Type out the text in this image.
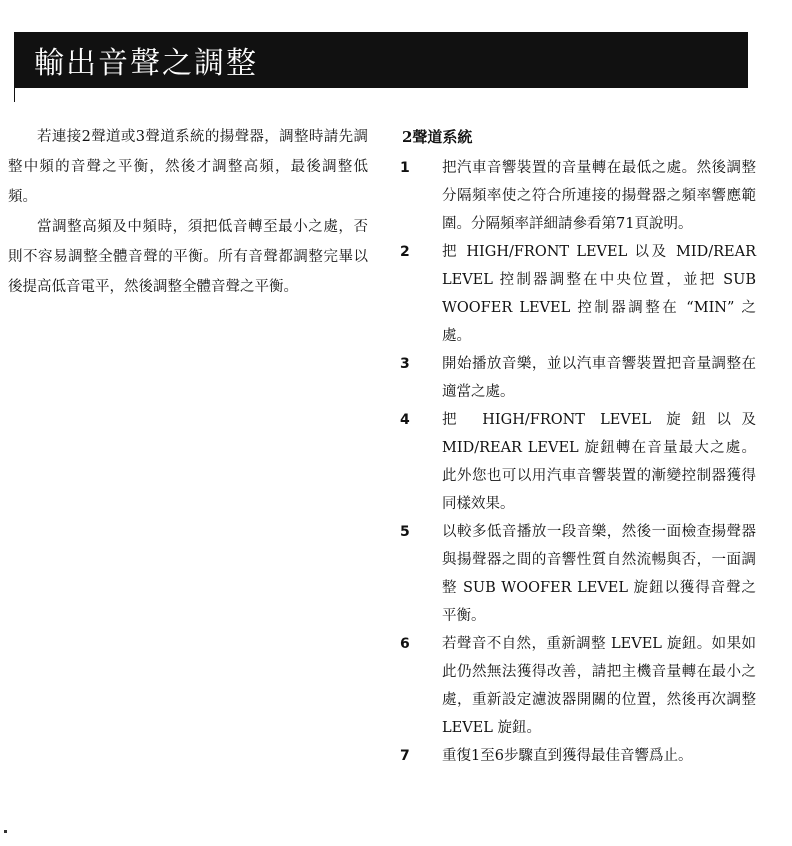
輸出音聲之調整

若連接2聲道或3聲道系統的揚聲器，調整時請先調整中頻的音聲之平衡，然後才調整高頻，最後調整低頻。

當調整高頻及中頻時，須把低音轉至最小之處，否則不容易調整全體音聲的平衡。所有音聲都調整完畢以後提高低音電平，然後調整全體音聲之平衡。

2聲道系統
1	把汽車音響裝置的音量轉在最低之處。然後調整分隔頻率使之符合所連接的揚聲器之頻率響應範圍。分隔頻率詳細請參看第71頁說明。
2	把 HIGH/FRONT LEVEL 以及 MID/REAR LEVEL 控制器調整在中央位置，並把 SUB WOOFER LEVEL 控制器調整在 “MIN” 之處。
3	開始播放音樂，並以汽車音響裝置把音量調整在適當之處。
4	把 HIGH/FRONT LEVEL 旋鈕以及 MID/REAR LEVEL 旋鈕轉在音量最大之處。此外您也可以用汽車音響裝置的漸變控制器獲得同樣效果。
5	以較多低音播放一段音樂，然後一面檢查揚聲器與揚聲器之間的音響性質自然流暢與否，一面調整 SUB WOOFER LEVEL 旋鈕以獲得音聲之平衡。
6	若聲音不自然，重新調整 LEVEL 旋鈕。如果如此仍然無法獲得改善，請把主機音量轉在最小之處，重新設定濾波器開關的位置，然後再次調整 LEVEL 旋鈕。
7	重復1至6步驟直到獲得最佳音響爲止。
